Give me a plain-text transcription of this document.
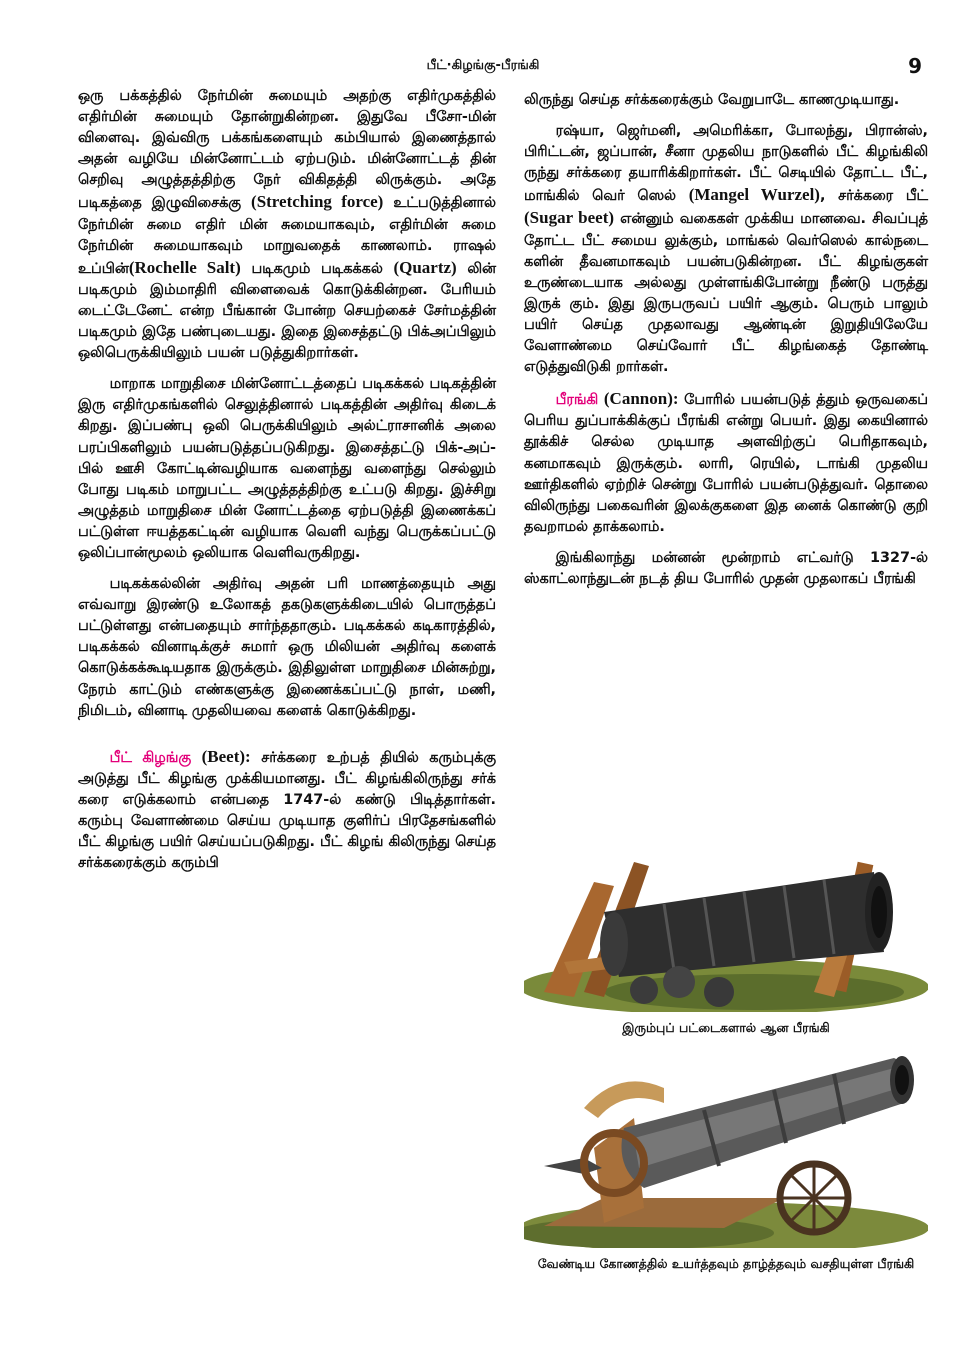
பீட்·கிழங்கு-பீரங்கி	9

ஒரு பக்கத்தில் நேர்மின் சுமையும் அதற்கு எதிர்முகத்தில் எதிர்மின் சுமையும் தோன்றுகின்றன. இதுவே பீசோ-மின் விளைவு. இவ்விரு பக்கங்களையும் கம்பியால் இணைத்தால் அதன் வழியே மின்னோட்டம் ஏற்படும். மின்னோட்டத் தின் செறிவு அழுத்தத்திற்கு நேர் விகிதத்தி லிருக்கும். அதே படிகத்தை இழுவிசைக்கு (Stretching force) உட்படுத்தினால் நேர்மின் சுமை எதிர் மின் சுமையாகவும், எதிர்மின் சுமை நேர்மின் சுமையாகவும் மாறுவதைக் காணலாம். ராஷல் உப்பின்(Rochelle Salt) படிகமும் படிகக்கல் (Quartz) லின் படிகமும் இம்மாதிரி விளைவைக் கொடுக்கின்றன. பேரியம் டைட்டேனேட் என்ற பீங்கான் போன்ற செயற்கைச் சேர்மத்தின் படிகமும் இதே பண்புடையது. இதை இசைத்தட்டு பிக்அப்பிலும் ஒலிபெருக்கியிலும் பயன் படுத்துகிறார்கள்.

மாறாக மாறுதிசை மின்னோட்டத்தைப் படிகக்கல் படிகத்தின் இரு எதிர்முகங்களில் செலுத்தினால் படிகத்தின் அதிர்வு கிடைக் கிறது. இப்பண்பு ஒலி பெருக்கியிலும் அல்ட்ராசானிக் அலை பரப்பிகளிலும் பயன்படுத்தப்படுகிறது. இசைத்தட்டு பிக்-அப்-பில் ஊசி கோட்டின்வழியாக வளைந்து வளைந்து செல்லும் போது படிகம் மாறுபட்ட அழுத்தத்திற்கு உட்படு கிறது. இச்சிறு அழுத்தம் மாறுதிசை மின் னோட்டத்தை ஏற்படுத்தி இணைக்கப் பட்டுள்ள ஈயத்தகட்டின் வழியாக வெளி வந்து பெருக்கப்பட்டு ஒலிப்பான்மூலம் ஒலியாக வெளிவருகிறது.

படிகக்கல்லின் அதிர்வு அதன் பரி மாணத்தையும் அது எவ்வாறு இரண்டு உலோகத் தகடுகளுக்கிடையில் பொருத்தப் பட்டுள்ளது என்பதையும் சார்ந்ததாகும். படிகக்கல் கடிகாரத்தில், படிகக்கல் வினாடிக்குச் சுமார் ஒரு மிலியன் அதிர்வு களைக் கொடுக்கக்கூடியதாக இருக்கும். இதிலுள்ள மாறுதிசை மின்சுற்று, நேரம் காட்டும் எண்களுக்கு இணைக்கப்பட்டு நாள், மணி, நிமிடம், வினாடி முதலியவை களைக் கொடுக்கிறது.

பீட் கிழங்கு (Beet): சர்க்கரை உற்பத் தியில் கரும்புக்கு அடுத்து பீட் கிழங்கு முக்கியமானது. பீட் கிழங்கிலிருந்து சர்க் கரை எடுக்கலாம் என்பதை 1747-ல் கண்டு பிடித்தார்கள். கரும்பு வேளாண்மை செய்ய முடியாத குளிர்ப் பிரதேசங்களில் பீட் கிழங்கு பயிர் செய்யப்படுகிறது. பீட் கிழங் கிலிருந்து செய்த சர்க்கரைக்கும் கரும்பி

லிருந்து செய்த சர்க்கரைக்கும் வேறுபாடே காணமுடியாது.

ரஷ்யா, ஜெர்மனி, அமெரிக்கா, போலந்து, பிரான்ஸ், பிரிட்டன், ஜப்பான், சீனா முதலிய நாடுகளில் பீட் கிழங்கிலி ருந்து சர்க்கரை தயாரிக்கிறார்கள். பீட் செடியில் தோட்ட பீட், மாங்கில் வெர் ஸெல் (Mangel Wurzel), சர்க்கரை பீட் (Sugar beet) என்னும் வகைகள் முக்கிய மானவை. சிவப்புத் தோட்ட பீட் சமைய லுக்கும், மாங்கல் வெர்ஸெல் கால்நடை களின் தீவனமாகவும் பயன்படுகின்றன. பீட் கிழங்குகள் உருண்டையாக அல்லது முள்ளங்கிபோன்று நீண்டு பருத்து இருக் கும். இது இருபருவப் பயிர் ஆகும். பெரும் பாலும் பயிர் செய்த முதலாவது ஆண்டின் இறுதியிலேயே வேளாண்மை செய்வோர் பீட் கிழங்கைத் தோண்டி எடுத்துவிடுகி றார்கள்.

பீரங்கி (Cannon): போரில் பயன்படுத் த்தும் ஒருவகைப் பெரிய துப்பாக்கிக்குப் பீரங்கி என்று பெயர். இது கையினால் தூக்கிச் செல்ல முடியாத அளவிற்குப் பெரிதாகவும், கனமாகவும் இருக்கும். லாரி, ரெயில், டாங்கி முதலிய ஊர்திகளில் ஏற்றிச் சென்று போரில் பயன்படுத்துவர். தொலை விலிருந்து பகைவரின் இலக்குகளை இத னைக் கொண்டு குறி தவறாமல் தாக்கலாம்.

இங்கிலாந்து மன்னன் மூன்றாம் எட்வர்டு 1327-ல் ஸ்காட்லாந்துடன் நடத் திய போரில் முதன் முதலாகப் பீரங்கி

இரும்புப் பட்டைகளால் ஆன பீரங்கி
வேண்டிய கோணத்தில் உயர்த்தவும் தாழ்த்தவும் வசதியுள்ள பீரங்கி
